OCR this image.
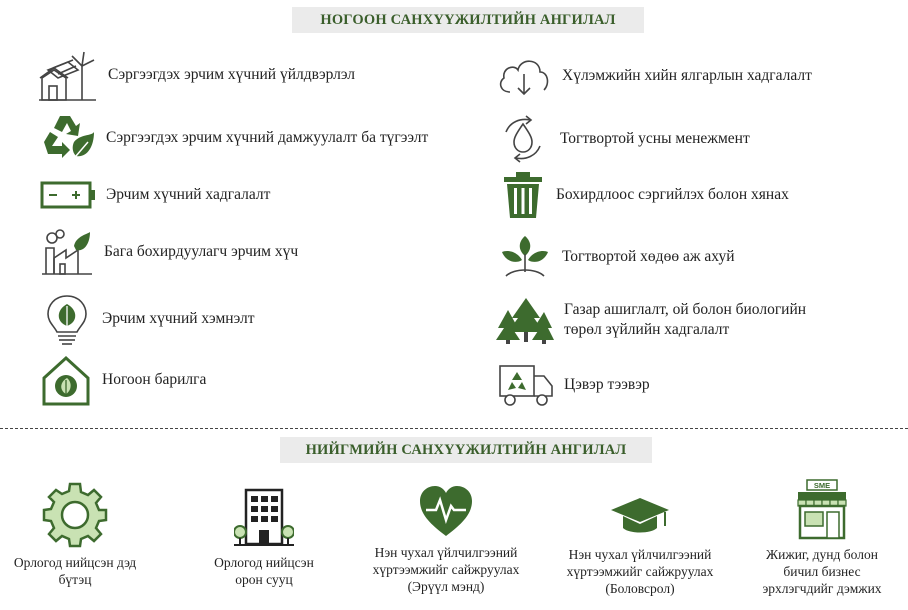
НОГООН САНХҮҮЖИЛТИЙН АНГИЛАЛ
Сэргээгдэх эрчим хүчний үйлдвэрлэл
Сэргээгдэх эрчим хүчний дамжуулалт ба түгээлт
Эрчим хүчний хадгалалт
Бага бохирдуулагч эрчим хүч
Эрчим хүчний хэмнэлт
Ногоон барилга
Хүлэмжийн хийн ялгарлын хадгалалт
Тогтвортой усны менежмент
Бохирдлоос сэргийлэх болон хянах
Тогтвортой хөдөө аж ахуй
Газар ашиглалт, ой болон биологийн
төрөл зүйлийн хадгалалт
Цэвэр тээвэр
НИЙГМИЙН САНХҮҮЖИЛТИЙН АНГИЛАЛ
Орлогод нийцсэн дэд
бүтэц
Орлогод нийцсэн
орон сууц
Нэн чухал үйлчилгээний
хүртээмжийг сайжруулах
(Эрүүл мэнд)
Нэн чухал үйлчилгээний
хүртээмжийг сайжруулах
(Боловсрол)
SME
Жижиг, дунд болон
бичил бизнес
эрхлэгчдийг дэмжих
